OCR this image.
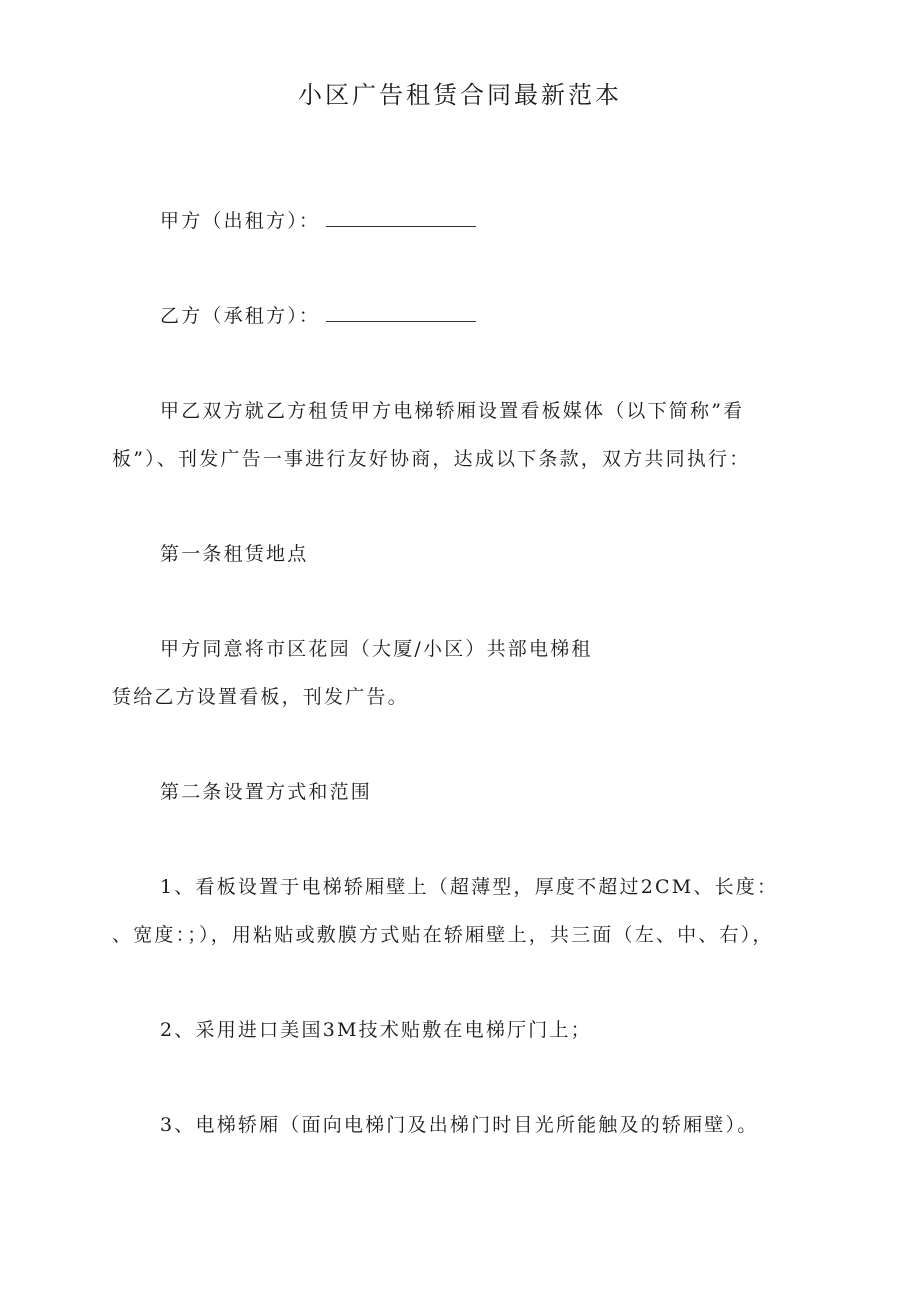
小区广告租赁合同最新范本
甲方（出租方）：
乙方（承租方）：
甲乙双方就乙方租赁甲方电梯轿厢设置看板媒体（以下简称”看
板”）、刊发广告一事进行友好协商，达成以下条款，双方共同执行：
第一条租赁地点
甲方同意将市区花园（大厦/小区）共部电梯租
赁给乙方设置看板，刊发广告。
第二条设置方式和范围
1、看板设置于电梯轿厢壁上（超薄型，厚度不超过2CM、长度：
、宽度：；），用粘贴或敷膜方式贴在轿厢壁上，共三面（左、中、右），
2、采用进口美国3M技术贴敷在电梯厅门上；
3、电梯轿厢（面向电梯门及出梯门时目光所能触及的轿厢壁）。
